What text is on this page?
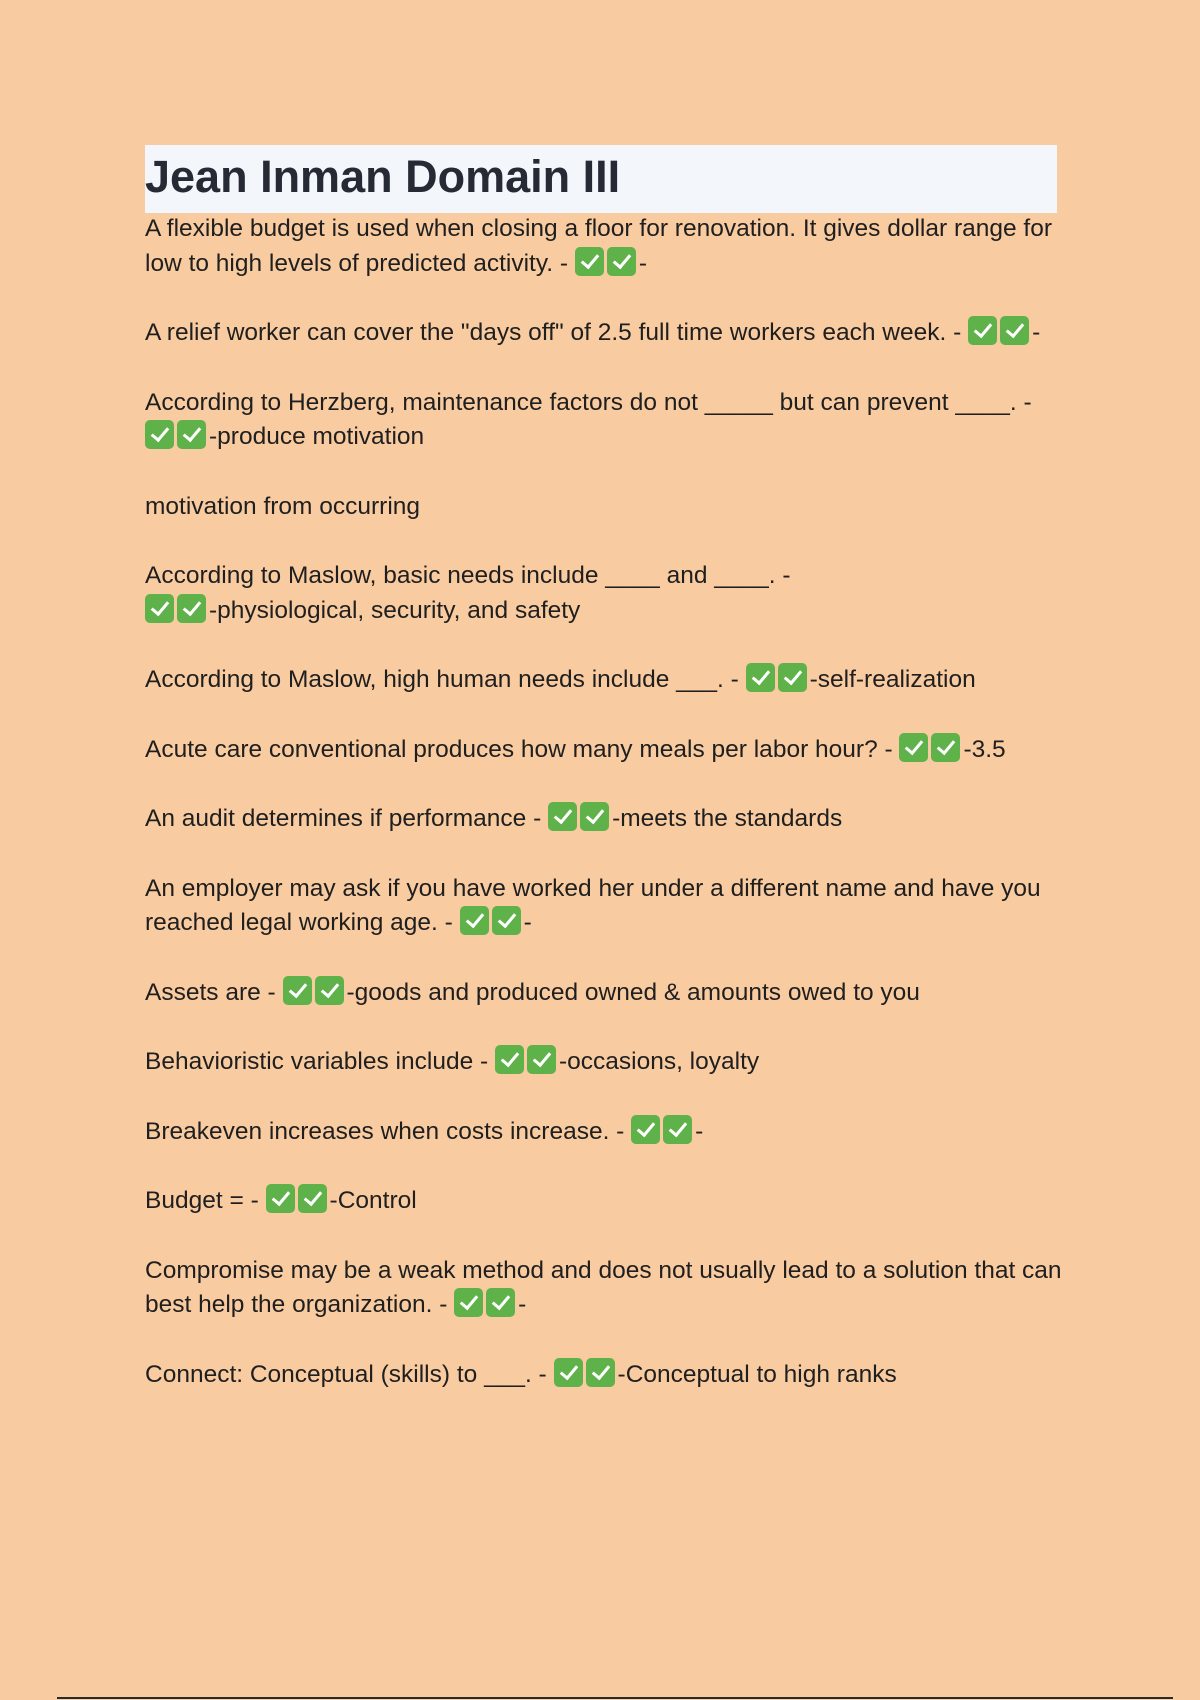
Jean Inman Domain III
A flexible budget is used when closing a floor for renovation. It gives dollar range for low to high levels of predicted activity. -	-
A relief worker can cover the "days off" of 2.5 full time workers each week. -	-
According to Herzberg, maintenance factors do not _____ but can prevent ____. - -produce motivation
motivation from occurring
According to Maslow, basic needs include ____ and ____. - -physiological, security, and safety
According to Maslow, high human needs include ___. -	-self-realization
Acute care conventional produces how many meals per labor hour? -	-3.5
An audit determines if performance -	-meets the standards
An employer may ask if you have worked her under a different name and have you reached legal working age. -	-
Assets are -	-goods and produced owned & amounts owed to you
Behavioristic variables include -	-occasions, loyalty
Breakeven increases when costs increase. -	-
Budget = -	-Control
Compromise may be a weak method and does not usually lead to a solution that can best help the organization. -	-
Connect: Conceptual (skills) to ___. -	-Conceptual to high ranks
